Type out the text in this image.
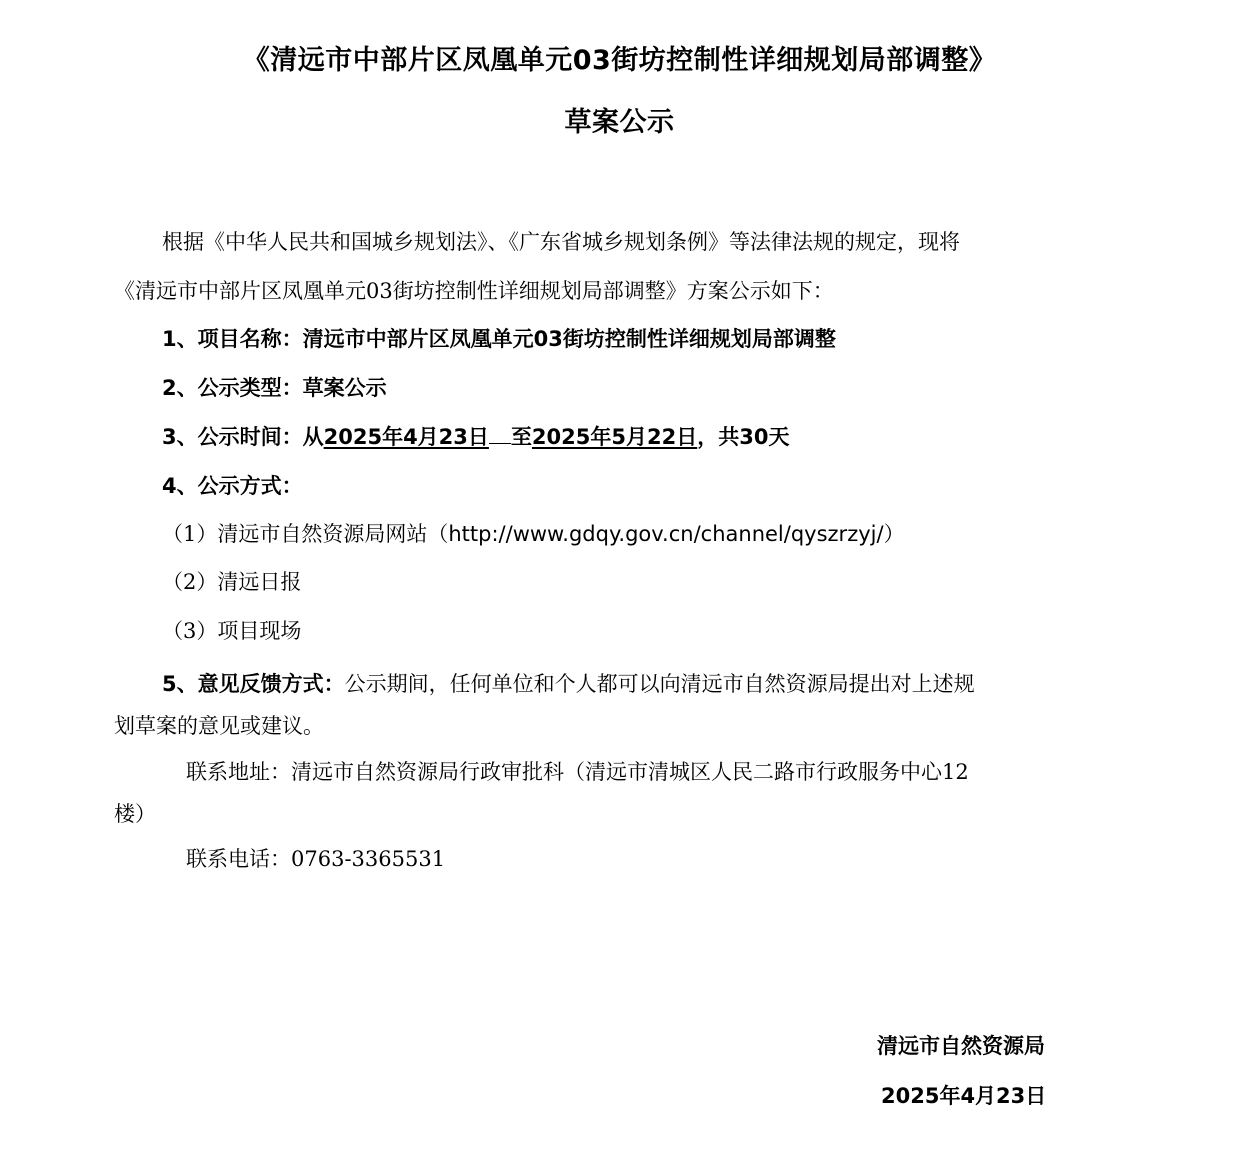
《清远市中部片区凤凰单元03街坊控制性详细规划局部调整》
草案公示
根据《中华人民共和国城乡规划法》、《广东省城乡规划条例》等法律法规的规定，现将
《清远市中部片区凤凰单元03街坊控制性详细规划局部调整》方案公示如下：
1、项目名称：清远市中部片区凤凰单元03街坊控制性详细规划局部调整
2、公示类型：草案公示
3、公示时间：从2025年4月23日 至2025年5月22日，共30天
4、公示方式：
（1）清远市自然资源局网站（http://www.gdqy.gov.cn/channel/qyszrzyj/）
（2）清远日报
（3）项目现场
5、意见反馈方式：公示期间，任何单位和个人都可以向清远市自然资源局提出对上述规
划草案的意见或建议。
联系地址：清远市自然资源局行政审批科（清远市清城区人民二路市行政服务中心12
楼）
联系电话：0763-3365531
清远市自然资源局
2025年4月23日
